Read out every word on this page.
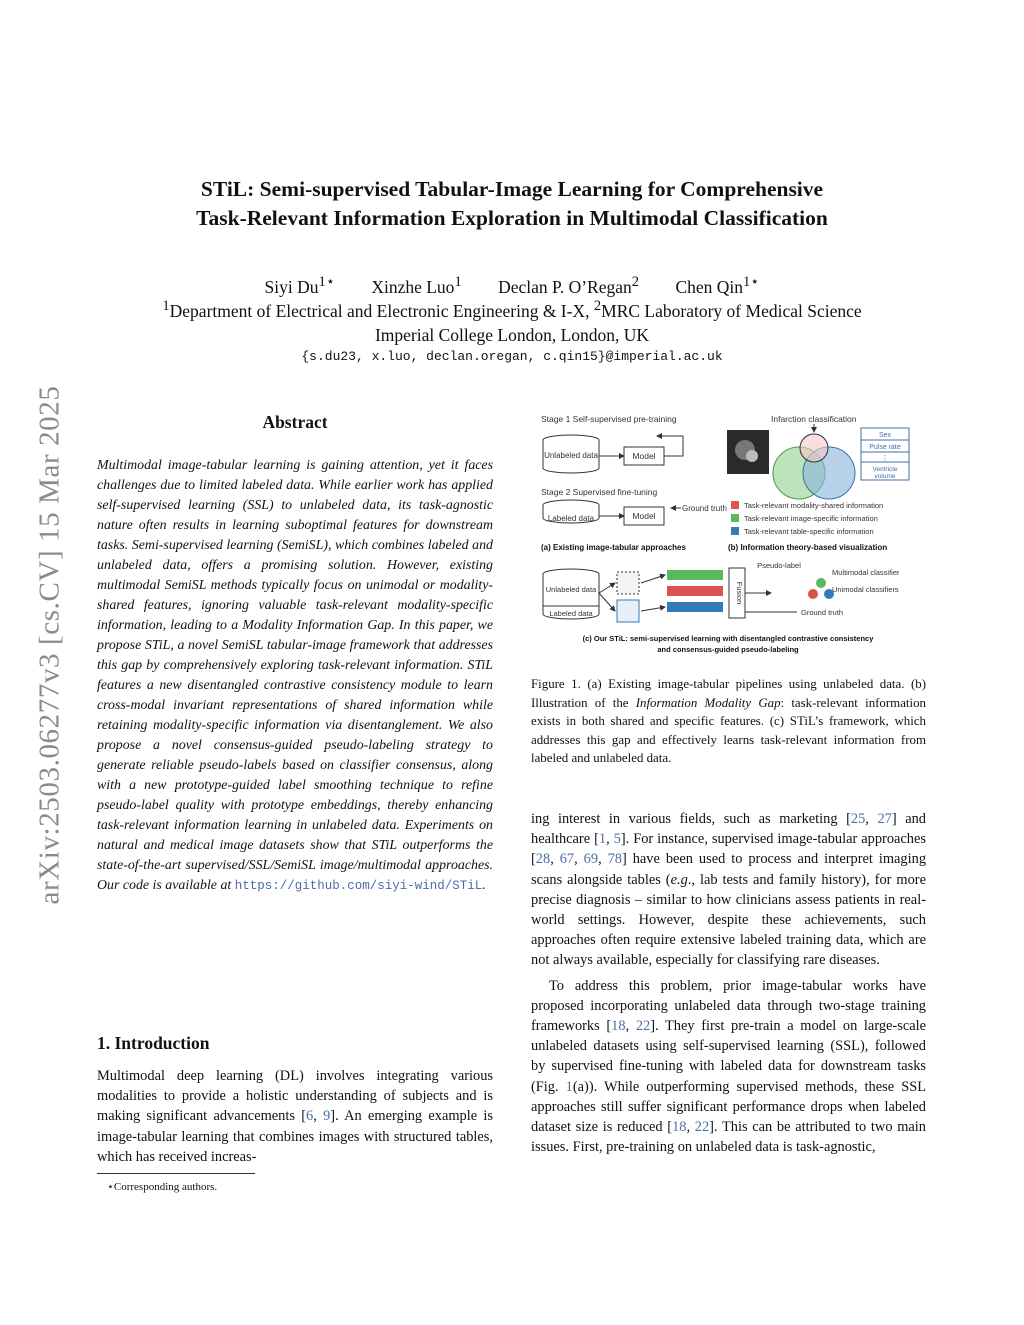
arXiv:2503.06277v3 [cs.CV] 15 Mar 2025
STiL: Semi-supervised Tabular-Image Learning for Comprehensive
Task-Relevant Information Exploration in Multimodal Classification
Siyi $Du^{1⋆}$ Xinzhe Luo$^1$ Declan P. O’Regan$^2$ Chen Qin$^{1⋆}$
$^1$Department of Electrical and Electronic Engineering & I-X, $^2$MRC Laboratory of Medical Science
Imperial College London, London, UK
{s.du23, x.luo, declan.oregan, c.qin15}@imperial.ac.uk
Abstract
Multimodal image-tabular learning is gaining attention, yet it faces challenges due to limited labeled data. While earlier work has applied self-supervised learning (SSL) to unlabeled data, its task-agnostic nature often results in learning suboptimal features for downstream tasks. Semi-supervised learning (SemiSL), which combines labeled and unlabeled data, offers a promising solution. However, existing multimodal SemiSL methods typically focus on unimodal or modality-shared features, ignoring valuable task-relevant modality-specific information, leading to a Modality Information Gap. In this paper, we propose STiL, a novel SemiSL tabular-image framework that addresses this gap by comprehensively exploring task-relevant information. STiL features a new disentangled contrastive consistency module to learn cross-modal invariant representations of shared information while retaining modality-specific information via disentanglement. We also propose a novel consensus-guided pseudo-labeling strategy to generate reliable pseudo-labels based on classifier consensus, along with a new prototype-guided label smoothing technique to refine pseudo-label quality with prototype embeddings, thereby enhancing task-relevant information learning in unlabeled data. Experiments on natural and medical image datasets show that STiL outperforms the state-of-the-art supervised/SSL/SemiSL image/multimodal approaches. Our code is available at https://github.com/siyi-wind/STiL.
1. Introduction

Multimodal deep learning (DL) involves integrating various modalities to provide a holistic understanding of subjects and is making significant advancements [6, 9]. An emerging example is image-tabular learning that combines images with structured tables, which has received increas-

⋆Corresponding authors.
Stage 1 Self-supervised pre-training
Unlabeled data	Model
Stage 2 Supervised fine-tuning
Labeled data	Model
Ground truth
(a) Existing image-tabular approaches
Infarction classification
Sex
Pulse rate
⋮
Ventricle
volume
Task-relevant modality-shared information
Task-relevant image-specific information
Task-relevant table-specific information
(b) Information theory-based visualization
Unlabeled data
Labeled data
Fusion
Pseudo-label
Multimodal classifier
Unimodal classifiers
Ground truth
(c) Our STiL: semi-supervised learning with disentangled contrastive consistency
and consensus-guided pseudo-labeling
Figure 1. (a) Existing image-tabular pipelines using unlabeled data. (b) Illustration of the Information Modality Gap: task-relevant information exists in both shared and specific features. (c) STiL’s framework, which addresses this gap and effectively learns task-relevant information from labeled and unlabeled data.

ing interest in various fields, such as marketing [25, 27] and healthcare [1, 5]. For instance, supervised image-tabular approaches [28, 67, 69, 78] have been used to process and interpret imaging scans alongside tables (e.g., lab tests and family history), for more precise diagnosis – similar to how clinicians assess patients in real-world settings. However, despite these achievements, such approaches often require extensive labeled training data, which are not always available, especially for classifying rare diseases.

To address this problem, prior image-tabular works have proposed incorporating unlabeled data through two-stage training frameworks [18, 22]. They first pre-train a model on large-scale unlabeled datasets using self-supervised learning (SSL), followed by supervised fine-tuning with labeled data for downstream tasks (Fig. 1(a)). While outperforming supervised methods, these SSL approaches still suffer significant performance drops when labeled dataset size is reduced [18, 22]. This can be attributed to two main issues. First, pre-training on unlabeled data is task-agnostic,
